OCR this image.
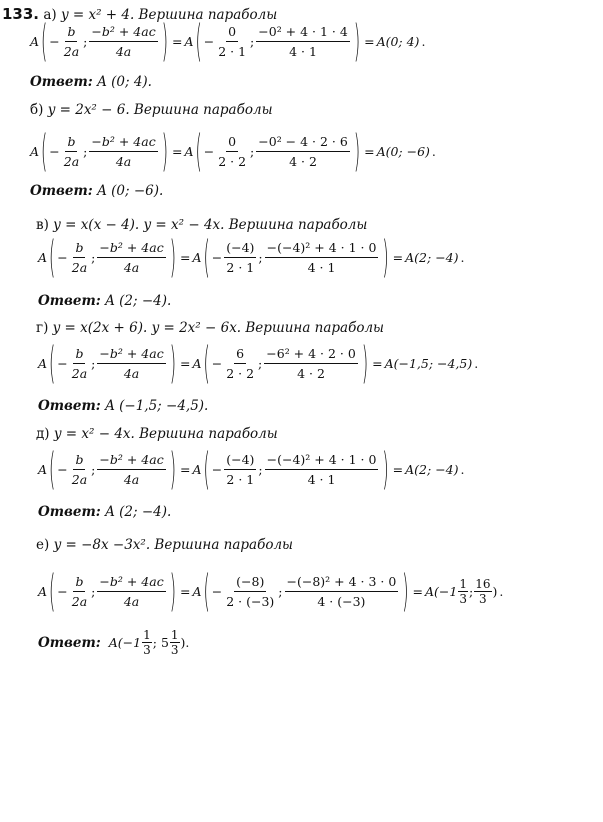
133. а) y = x² + 4. Вершина параболы
A ( − $\frac{b}{2a}$ ;
−b² + 4ac
4a ) = A ( − $\frac{0}{2 \cdot 1}$ ;
−0² + 4 · 1 · 4
4 · 1 ) = A(0; 4) .
Ответ: A (0; 4).
б) y = 2x² − 6. Вершина параболы
A ( − $\frac{b}{2a}$ ;
−b² + 4ac
4a ) = A ( − $\frac{0}{2 \cdot 2}$ ;
−0² − 4 · 2 · 6
4 · 2 ) = A(0; −6) .
Ответ: A (0; −6).
в) y = x(x − 4). y = x² − 4x. Вершина параболы
A ( − $\frac{b}{2a}$ ;
−b² + 4ac
4a ) = A ( − $\frac{(-4)}{2 \cdot 1}$ ;
−(−4)² + 4 · 1 · 0
4 · 1	) = A(2; −4) .
Ответ: A (2; −4).
г) y = x(2x + 6). y = 2x² − 6x. Вершина параболы
A ( − $\frac{b}{2a}$ ;
−b² + 4ac
4a ) = A ( − $\frac{6}{2 \cdot 2}$ ;
−6² + 4 · 2 · 0
4 · 2 ) = A(−1,5; −4,5) .
Ответ: A (−1,5; −4,5).
д) y = x² − 4x. Вершина параболы
A ( − $\frac{b}{2a}$ ;
−b² + 4ac
4a ) = A ( − $\frac{(-4)}{2 \cdot 1}$ ;
−(−4)² + 4 · 1 · 0
4 · 1	) = A(2; −4) .
Ответ: A (2; −4).
е) y = −8x −3x². Вершина параболы
A ( − $\frac{b}{2a}$ ;
−b² + 4ac
4a ) = A ( − $\frac{(-8)}{2 \cdot (-3)}$ ;
−(−8)² + 4 · 3 · 0
4 · (−3) ) = A(−1 1
3 ; 16
3 ) .
Ответ: A(−1 1
3 ; 5 1
3 ).
